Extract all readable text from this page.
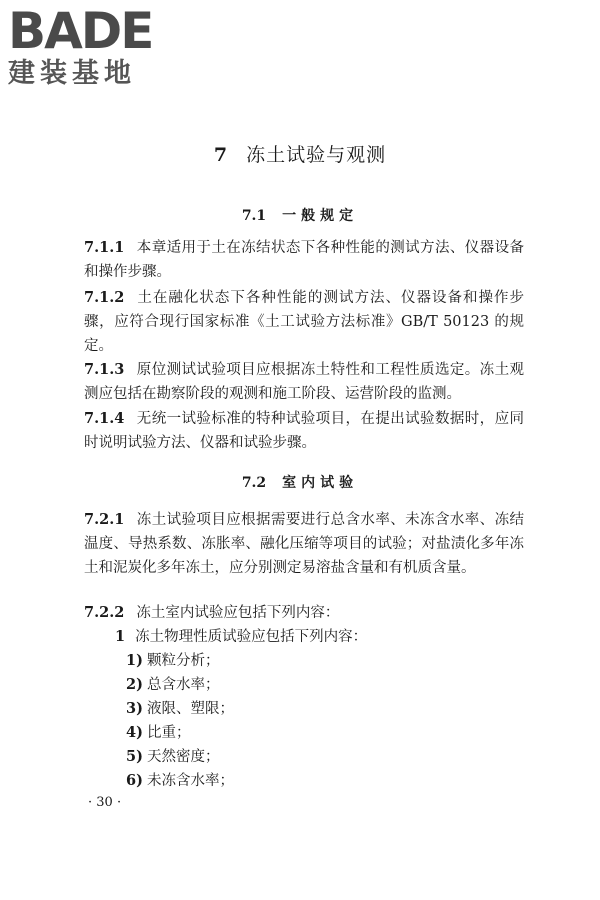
BADE
建装基地
7 冻土试验与观测
7.1 一般规定
7.1.1 本章适用于土在冻结状态下各种性能的测试方法、仪器设备和操作步骤。
7.1.2 土在融化状态下各种性能的测试方法、仪器设备和操作步骤，应符合现行国家标准《土工试验方法标准》GB/T 50123 的规定。
7.1.3 原位测试试验项目应根据冻土特性和工程性质选定。冻土观测应包括在勘察阶段的观测和施工阶段、运营阶段的监测。
7.1.4 无统一试验标准的特种试验项目，在提出试验数据时，应同时说明试验方法、仪器和试验步骤。
7.2 室内试验
7.2.1 冻土试验项目应根据需要进行总含水率、未冻含水率、冻结温度、导热系数、冻胀率、融化压缩等项目的试验；对盐渍化多年冻土和泥炭化多年冻土，应分别测定易溶盐含量和有机质含量。
7.2.2 冻土室内试验应包括下列内容：
1 冻土物理性质试验应包括下列内容：
1) 颗粒分析；
2) 总含水率；
3) 液限、塑限；
4) 比重；
5) 天然密度；
6) 未冻含水率；
· 30 ·
